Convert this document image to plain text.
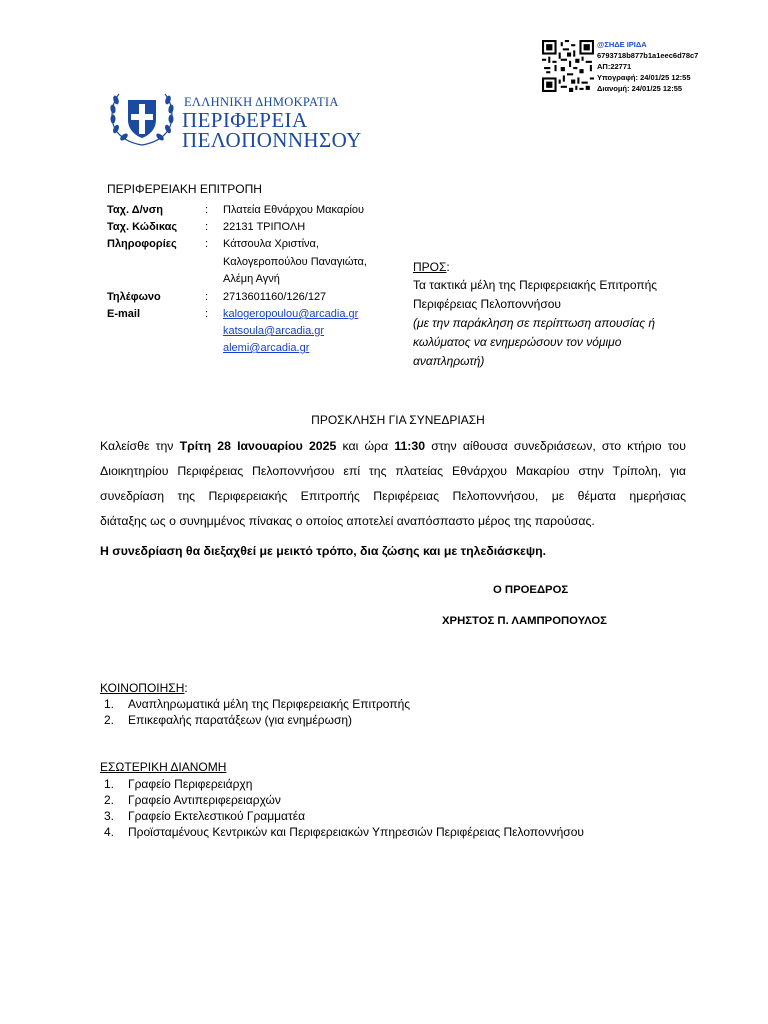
@ΣΗΔΕ ΙΡΙΔΑ
6793718b877b1a1eec6d78c7
ΑΠ:22771
Υπογραφή: 24/01/25 12:55
Διανομή: 24/01/25 12:55
ΕΛΛΗΝΙΚΗ ΔΗΜΟΚΡΑΤΙΑ
ΠΕΡΙΦΕΡΕΙΑ
ΠΕΛΟΠΟΝΝΗΣΟΥ
ΠΕΡΙΦΕΡΕΙΑΚΗ ΕΠΙΤΡΟΠΗ
Ταχ. Δ/νση	: Πλατεία Εθνάρχου Μακαρίου
Ταχ. Κώδικας	: 22131 ΤΡΙΠΟΛΗ
Πληροφορίες	: Κάτσουλα Χριστίνα,
Καλογεροπούλου Παναγιώτα,
Αλέμη Αγνή
Τηλέφωνο	: 2713601160/126/127
E-mail	: kalogeropoulou@arcadia.gr
katsoula@arcadia.gr
alemi@arcadia.gr
ΠΡΟΣ:
Τα τακτικά μέλη της Περιφερειακής Επιτροπής
Περιφέρειας Πελοποννήσου
(με την παράκληση σε περίπτωση απουσίας ή
κωλύματος να ενημερώσουν τον νόμιμο
αναπληρωτή)
ΠΡΟΣΚΛΗΣΗ ΓΙΑ ΣΥΝΕΔΡΙΑΣΗ
Καλείσθε την Τρίτη 28 Ιανουαρίου 2025 και ώρα 11:30 στην αίθουσα συνεδριάσεων, στο κτήριο του
Διοικητηρίου Περιφέρειας Πελοποννήσου επί της πλατείας Εθνάρχου Μακαρίου στην Τρίπολη, για
συνεδρίαση της Περιφερειακής Επιτροπής Περιφέρειας Πελοποννήσου, με θέματα ημερήσιας
διάταξης ως ο συνημμένος πίνακας ο οποίος αποτελεί αναπόσπαστο μέρος της παρούσας.
Η συνεδρίαση θα διεξαχθεί με μεικτό τρόπο, δια ζώσης και με τηλεδιάσκεψη.
Ο ΠΡΟΕΔΡΟΣ
ΧΡΗΣΤΟΣ Π. ΛΑΜΠΡΟΠΟΥΛΟΣ
ΚΟΙΝΟΠΟΙΗΣΗ:
1. Αναπληρωματικά μέλη της Περιφερειακής Επιτροπής
2. Επικεφαλής παρατάξεων (για ενημέρωση)
ΕΣΩΤΕΡΙΚΗ ΔΙΑΝΟΜΗ
1. Γραφείο Περιφερειάρχη
2. Γραφείο Αντιπεριφερειαρχών
3. Γραφείο Εκτελεστικού Γραμματέα
4. Προϊσταμένους Κεντρικών και Περιφερειακών Υπηρεσιών Περιφέρειας Πελοποννήσου
